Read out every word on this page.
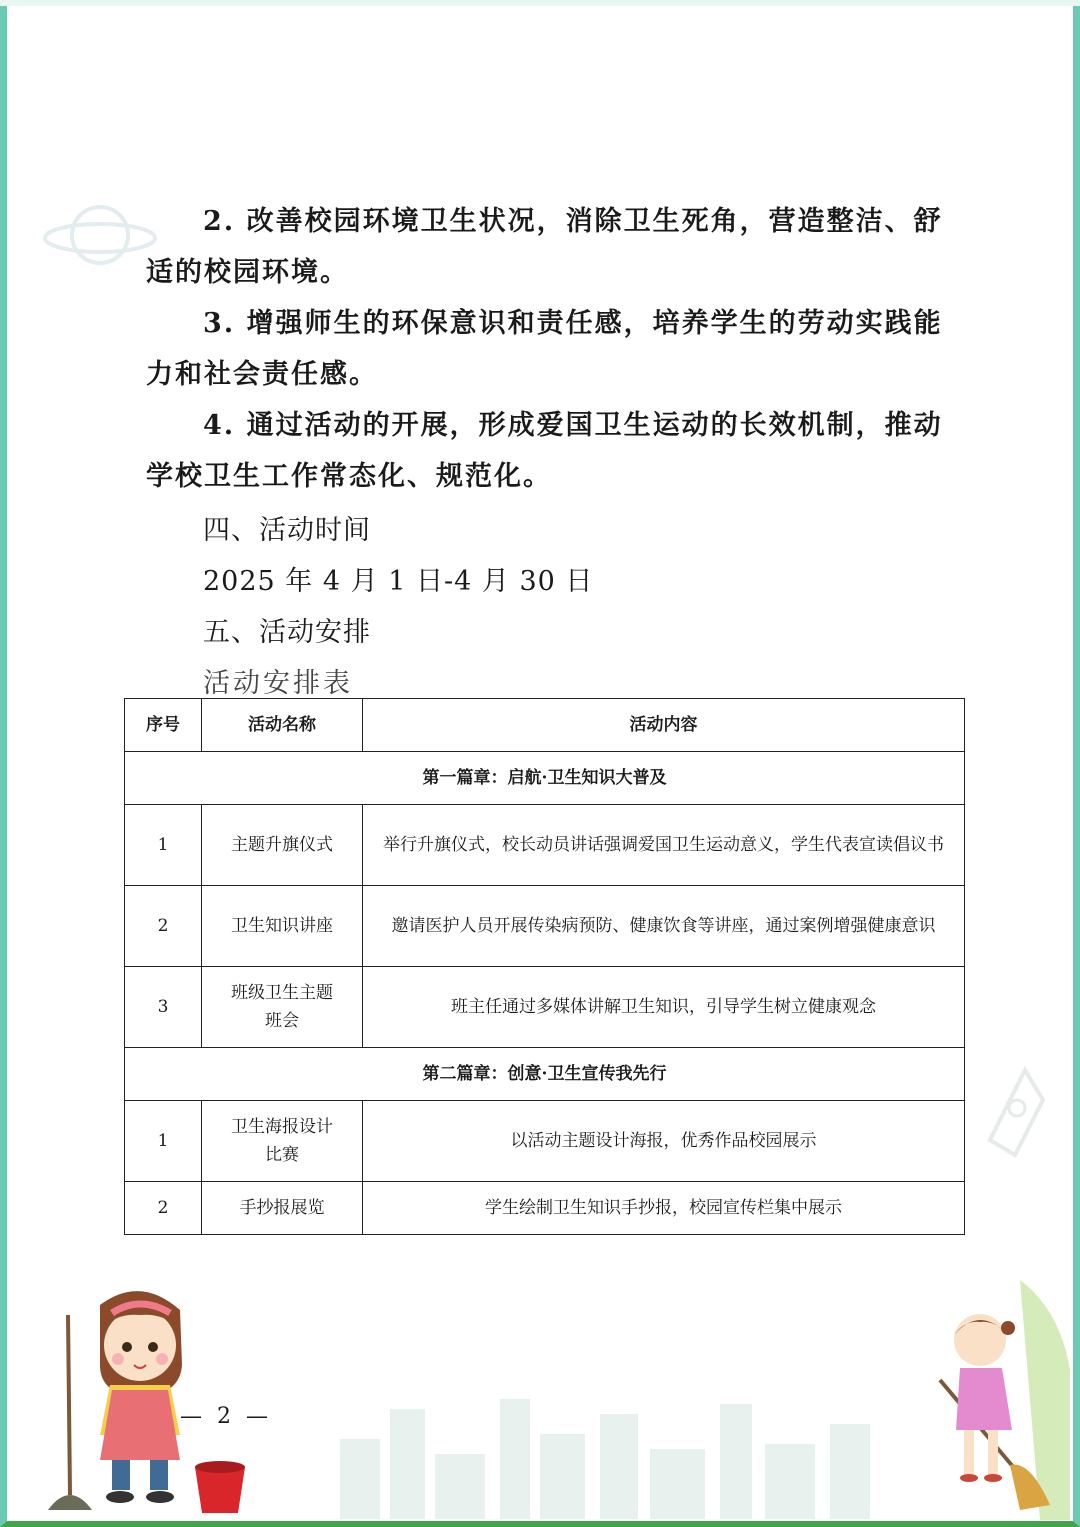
2. 改善校园环境卫生状况，消除卫生死角，营造整洁、舒适的校园环境。
3. 增强师生的环保意识和责任感，培养学生的劳动实践能力和社会责任感。
4. 通过活动的开展，形成爱国卫生运动的长效机制，推动学校卫生工作常态化、规范化。
四、活动时间
2025 年 4 月 1 日-4 月 30 日
五、活动安排
活动安排表
序号	活动名称	活动内容
第一篇章：启航·卫生知识大普及		
1	主题升旗仪式	举行升旗仪式，校长动员讲话强调爱国卫生运动意义，学生代表宣读倡议书
2	卫生知识讲座	邀请医护人员开展传染病预防、健康饮食等讲座，通过案例增强健康意识
3	班级卫生主题班会	班主任通过多媒体讲解卫生知识，引导学生树立健康观念
第二篇章：创意·卫生宣传我先行		
1	卫生海报设计比赛	以活动主题设计海报，优秀作品校园展示
2	手抄报展览	学生绘制卫生知识手抄报，校园宣传栏集中展示
— 2 —
